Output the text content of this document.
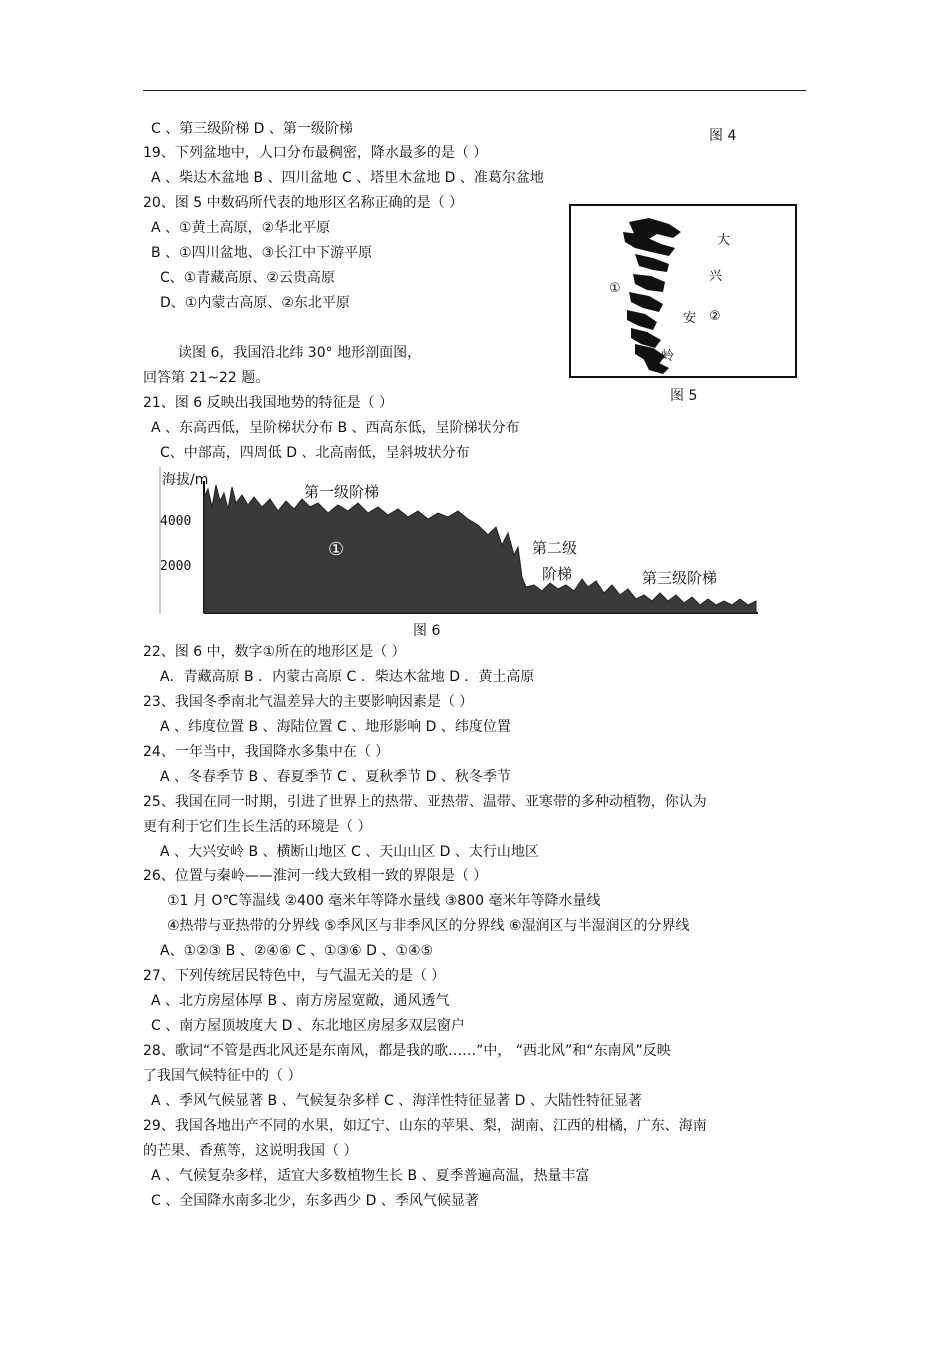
C 、第三级阶梯 D 、第一级阶梯	图 4
19、下列盆地中，人口分布最稠密，降水最多的是（ ）
A 、柴达木盆地 B 、四川盆地 C 、塔里木盆地 D 、准葛尔盆地
20、图 5 中数码所代表的地形区名称正确的是（ ）
A 、①黄土高原，②华北平原
B 、①四川盆地、③长江中下游平原
C、①青藏高原、②云贵高原
D、①内蒙古高原、②东北平原
读图 6，我国沿北纬 30° 地形剖面图，
回答第 21~22 题。
21、图 6 反映出我国地势的特征是（ ）
A 、东高西低，呈阶梯状分布 B 、西高东低，呈阶梯状分布
C、中部高，四周低 D 、北高南低，呈斜坡状分布
大
兴
安
岭
①
②
图 5
海拔/m
4000
2000
第一级阶梯
①	第二级
阶梯	第三级阶梯
图 6
22、图 6 中，数字①所在的地形区是（ ）
A．青藏高原 B ．内蒙古高原 C ．柴达木盆地 D ．黄土高原
23、我国冬季南北气温差异大的主要影响因素是（ ）
A 、纬度位置 B 、海陆位置 C 、地形影响 D 、纬度位置
24、一年当中，我国降水多集中在（ ）
A 、冬春季节 B 、春夏季节 C 、夏秋季节 D 、秋冬季节
25、我国在同一时期，引进了世界上的热带、亚热带、温带、亚寒带的多种动植物，你认为
更有利于它们生长生活的环境是（ ）
A 、大兴安岭 B 、横断山地区 C 、天山山区 D 、太行山地区
26、位置与秦岭——淮河一线大致相一致的界限是（ ）
①1 月 O℃等温线 ②400 毫米年等降水量线 ③800 毫米年等降水量线
④热带与亚热带的分界线 ⑤季风区与非季风区的分界线 ⑥湿润区与半湿润区的分界线
A、①②③ B 、②④⑥ C 、①③⑥ D 、①④⑤
27、下列传统居民特色中，与气温无关的是（ ）
A 、北方房屋体厚 B 、南方房屋宽敞，通风透气
C 、南方屋顶坡度大 D 、东北地区房屋多双层窗户
28、歌词“不管是西北风还是东南风，都是我的歌……”中， “西北风”和“东南风”反映
了我国气候特征中的（ ）
A 、季风气候显著 B 、气候复杂多样 C 、海洋性特征显著 D 、大陆性特征显著
29、我国各地出产不同的水果，如辽宁、山东的苹果、梨，湖南、江西的柑橘，广东、海南
的芒果、香蕉等，这说明我国（ ）
A 、气候复杂多样，适宜大多数植物生长 B 、夏季普遍高温，热量丰富
C 、全国降水南多北少，东多西少 D 、季风气候显著
